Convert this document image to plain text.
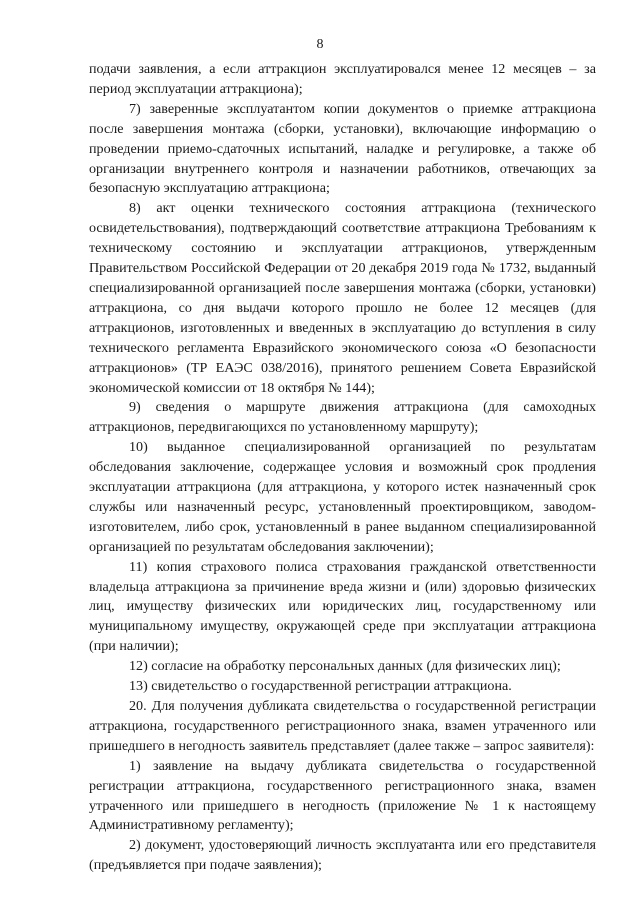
8

подачи заявления, а если аттракцион эксплуатировался менее 12 месяцев – за период эксплуатации аттракциона);

7) заверенные эксплуатантом копии документов о приемке аттракциона после завершения монтажа (сборки, установки), включающие информацию о проведении приемо-сдаточных испытаний, наладке и регулировке, а также об организации внутреннего контроля и назначении работников, отвечающих за безопасную эксплуатацию аттракциона;

8) акт оценки технического состояния аттракциона (технического освидетельствования), подтверждающий соответствие аттракциона Требованиям к техническому состоянию и эксплуатации аттракционов, утвержденным Правительством Российской Федерации от 20 декабря 2019 года № 1732, выданный специализированной организацией после завершения монтажа (сборки, установки) аттракциона, со дня выдачи которого прошло не более 12 месяцев (для аттракционов, изготовленных и введенных в эксплуатацию до вступления в силу технического регламента Евразийского экономического союза «О безопасности аттракционов» (ТР ЕАЭС 038/2016), принятого решением Совета Евразийской экономической комиссии от 18 октября № 144);

9) сведения о маршруте движения аттракциона (для самоходных аттракционов, передвигающихся по установленному маршруту);

10) выданное специализированной организацией по результатам обследования заключение, содержащее условия и возможный срок продления эксплуатации аттракциона (для аттракциона, у которого истек назначенный срок службы или назначенный ресурс, установленный проектировщиком, заводом-изготовителем, либо срок, установленный в ранее выданном специализированной организацией по результатам обследования заключении);

11) копия страхового полиса страхования гражданской ответственности владельца аттракциона за причинение вреда жизни и (или) здоровью физических лиц, имуществу физических или юридических лиц, государственному или муниципальному имуществу, окружающей среде при эксплуатации аттракциона (при наличии);

12) согласие на обработку персональных данных (для физических лиц);

13) свидетельство о государственной регистрации аттракциона.

20. Для получения дубликата свидетельства о государственной регистрации аттракциона, государственного регистрационного знака, взамен утраченного или пришедшего в негодность заявитель представляет (далее также – запрос заявителя):

1) заявление на выдачу дубликата свидетельства о государственной регистрации аттракциона, государственного регистрационного знака, взамен утраченного или пришедшего в негодность (приложение № 1 к настоящему Административному регламенту);

2) документ, удостоверяющий личность эксплуатанта или его представителя (предъявляется при подаче заявления);
